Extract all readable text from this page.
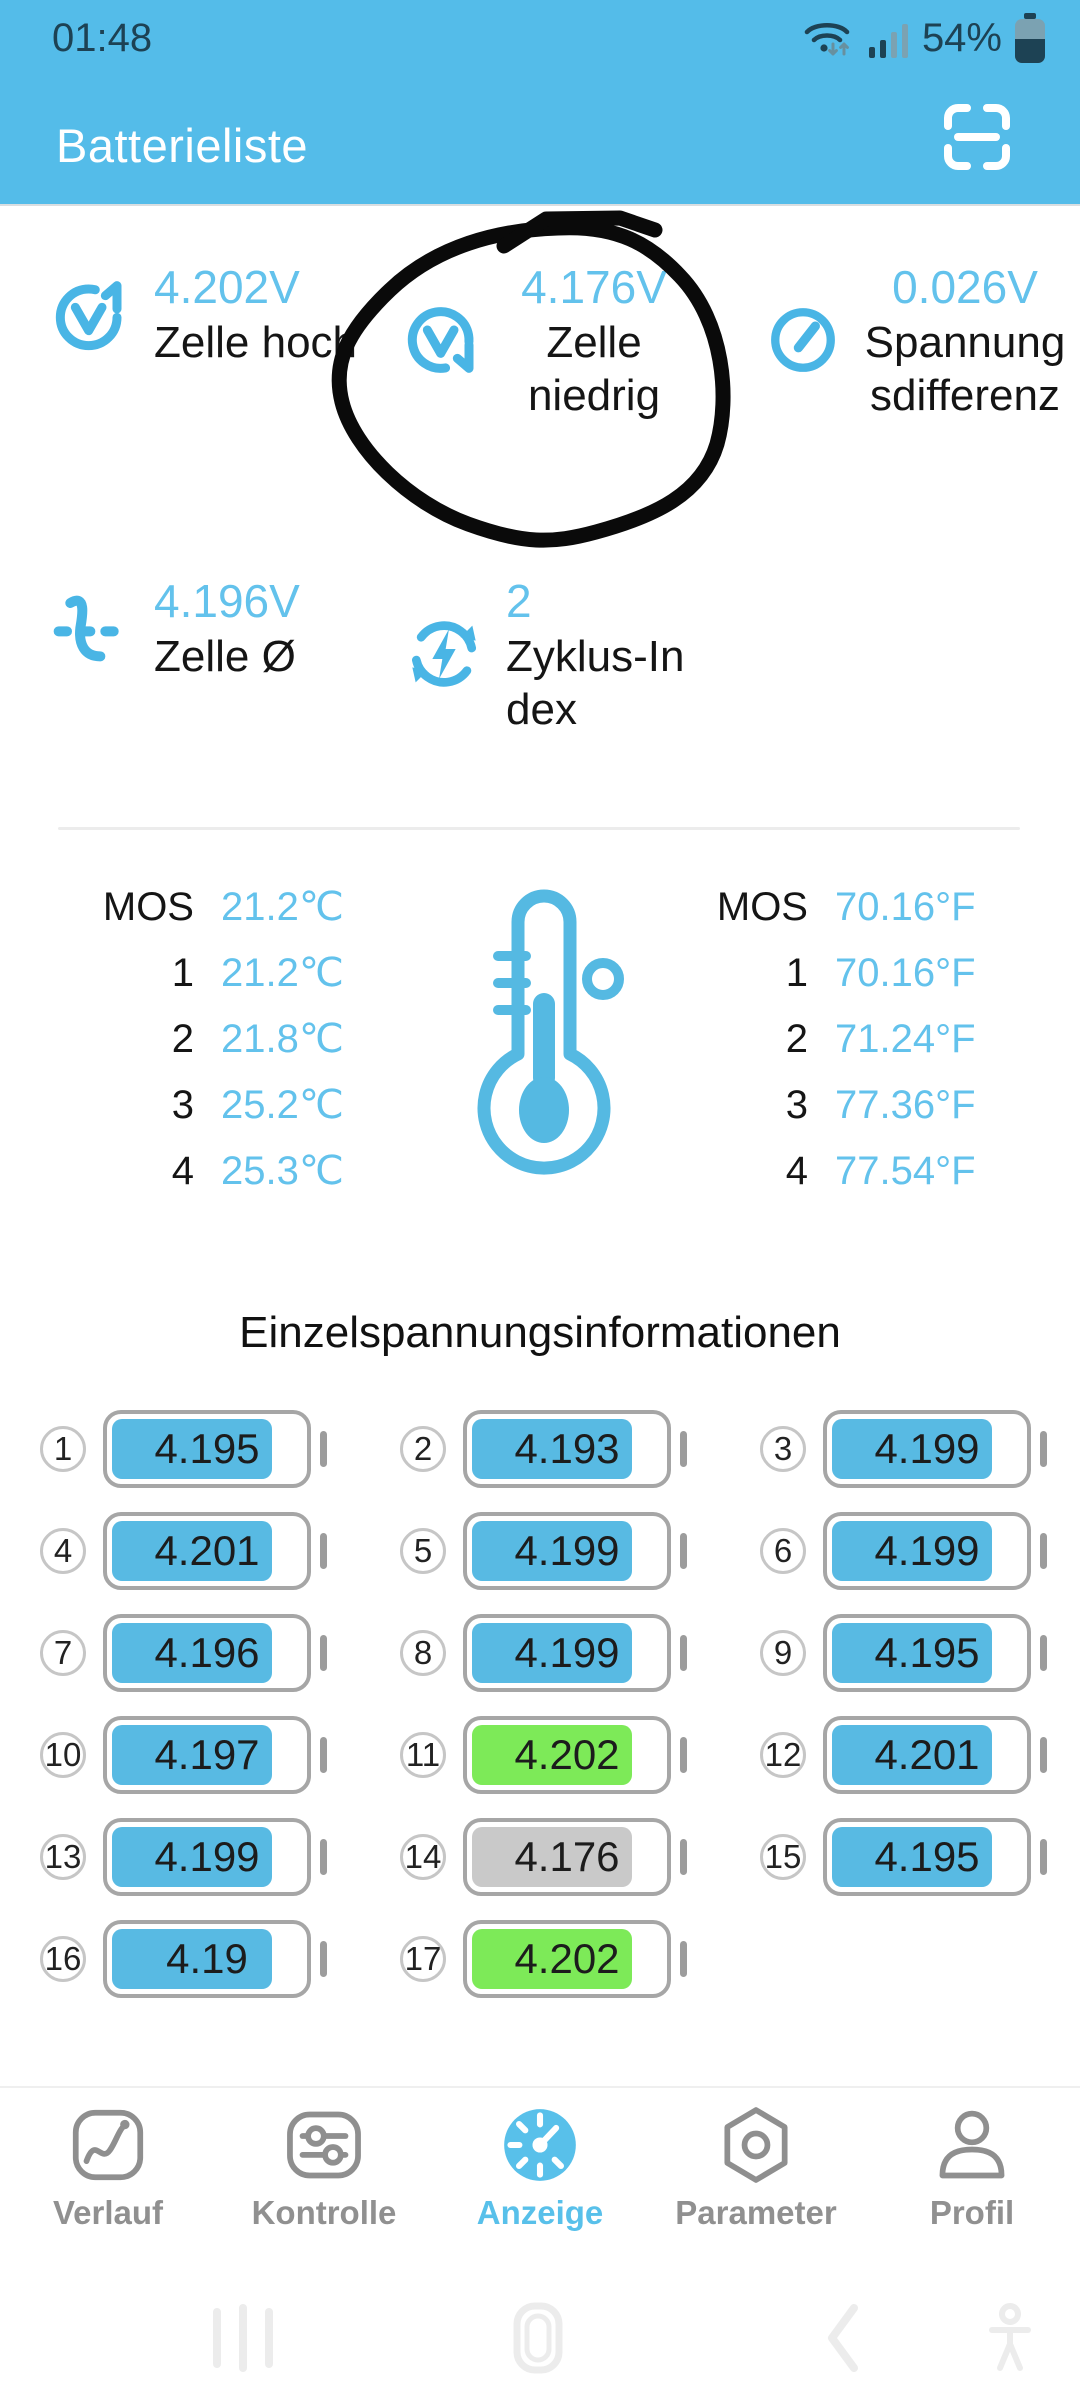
01:48	54%
Batterieliste
4.202V
Zelle hoch
4.176V
Zelle niedrig
0.026V
Spannungsdifferenz
4.196V
Zelle Ø
2
Zyklus-Index
MOS 21.2℃
1 21.2℃
2 21.8℃
3 25.2℃
4 25.3℃
MOS 70.16°F
1 70.16°F
2 71.24°F
3 77.36°F
4 77.54°F
Einzelspannungsinformationen
1	4.195	2	4.193	3	4.199
4	4.201	5	4.199	6	4.199
7	4.196	8	4.199	9	4.195
10	4.197	11	4.202	12	4.201
13	4.199	14	4.176	15	4.195
16	4.19	17	4.202
Verlauf	Kontrolle Anzeige Parameter	Profil
